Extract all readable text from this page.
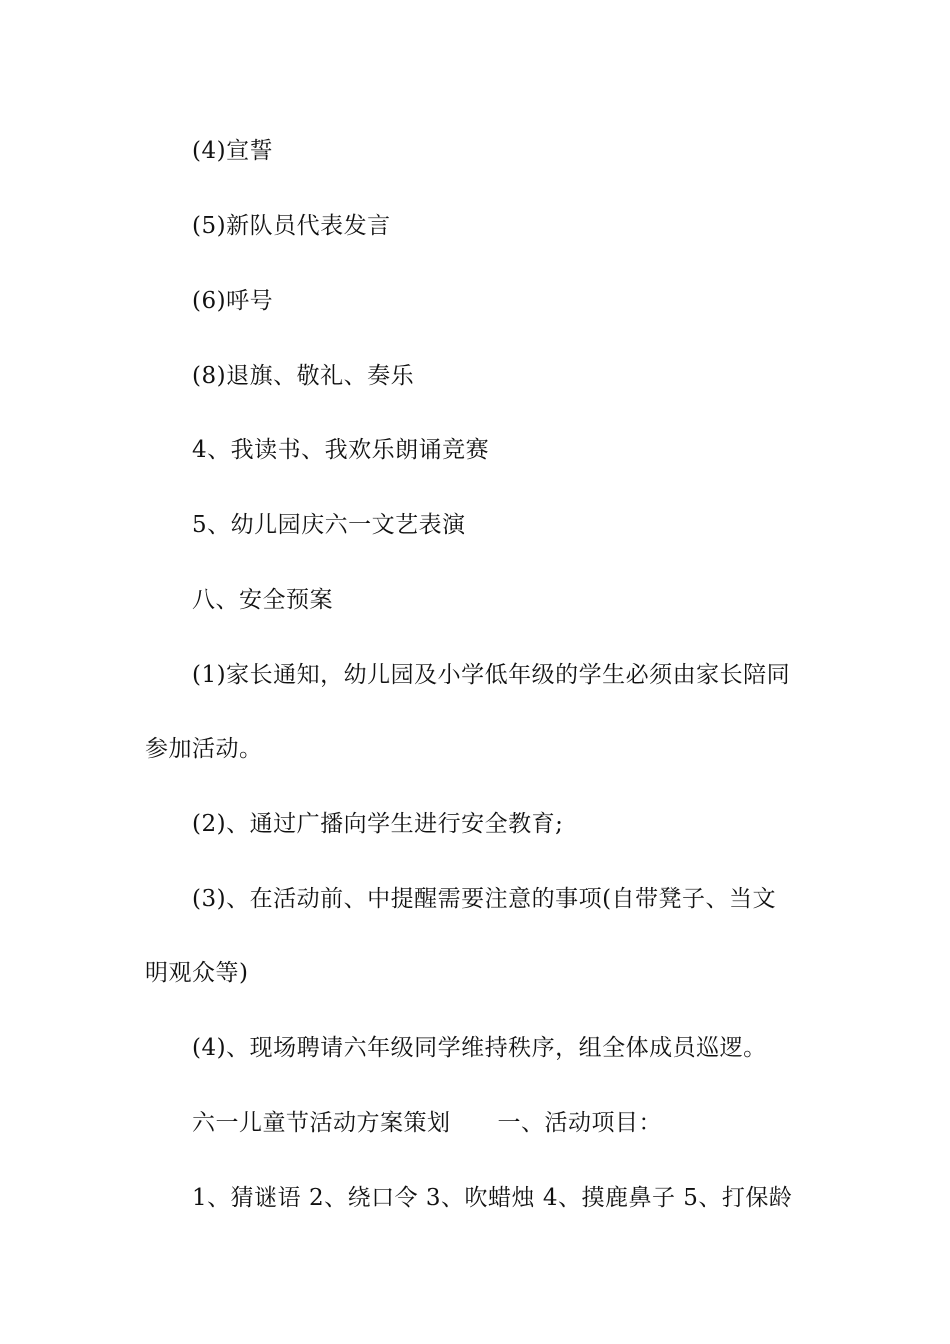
(4)宣誓
(5)新队员代表发言
(6)呼号
(8)退旗、敬礼、奏乐
4、我读书、我欢乐朗诵竞赛
5、幼儿园庆六一文艺表演
八、安全预案
(1)家长通知，幼儿园及小学低年级的学生必须由家长陪同
参加活动。
(2)、通过广播向学生进行安全教育;
(3)、在活动前、中提醒需要注意的事项(自带凳子、当文
明观众等)
(4)、现场聘请六年级同学维持秩序，组全体成员巡逻。
六一儿童节活动方案策划　　一、活动项目：
1、猜谜语 2、绕口令 3、吹蜡烛 4、摸鹿鼻子 5、打保龄
